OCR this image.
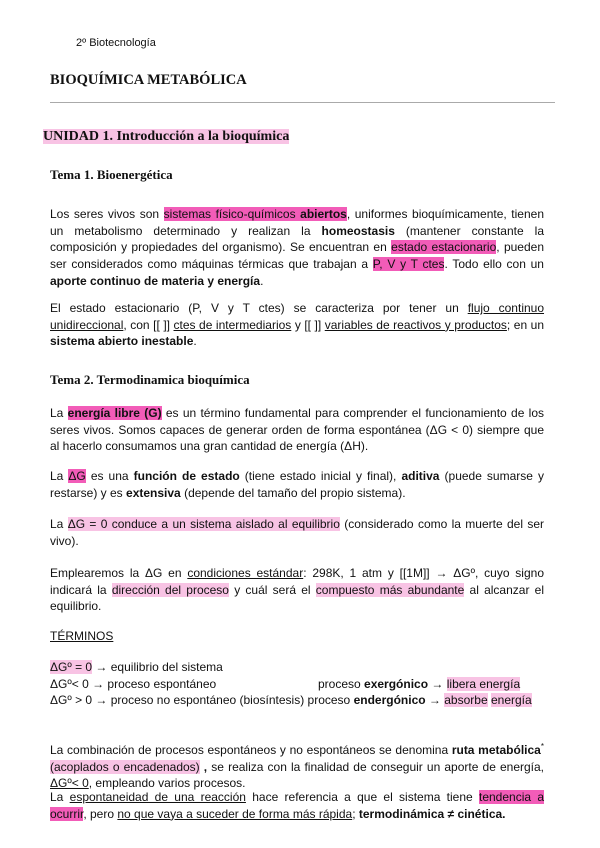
2º Biotecnología
BIOQUÍMICA METABÓLICA
UNIDAD 1. Introducción a la bioquímica
Tema 1. Bioenergética
Los seres vivos son sistemas físico-químicos abiertos, uniformes bioquímicamente, tienen un metabolismo determinado y realizan la homeostasis (mantener constante la composición y propiedades del organismo). Se encuentran en estado estacionario, pueden ser considerados como máquinas térmicas que trabajan a P, V y T ctes. Todo ello con un aporte continuo de materia y energía.
El estado estacionario (P, V y T ctes) se caracteriza por tener un flujo continuo unidireccional, con [[ ]] ctes de intermediarios y [[ ]] variables de reactivos y productos; en un sistema abierto inestable.
Tema 2. Termodinamica bioquímica
La energía libre (G) es un término fundamental para comprender el funcionamiento de los seres vivos. Somos capaces de generar orden de forma espontánea (ΔG < 0) siempre que al hacerlo consumamos una gran cantidad de energía (ΔH).
La ΔG es una función de estado (tiene estado inicial y final), aditiva (puede sumarse y restarse) y es extensiva (depende del tamaño del propio sistema).
La ΔG = 0 conduce a un sistema aislado al equilibrio (considerado como la muerte del ser vivo).
Emplearemos la ΔG en condiciones estándar: 298K, 1 atm y [[1M]] → ΔGº, cuyo signo indicará la dirección del proceso y cuál será el compuesto más abundante al alcanzar el equilibrio.
TÉRMINOS
ΔGº = 0 → equilibrio del sistema
ΔGº< 0 → proceso espontáneo	proceso exergónico → libera energía
ΔGº > 0 → proceso no espontáneo (biosíntesis) proceso endergónico → absorbe energía
La combinación de procesos espontáneos y no espontáneos se denomina ruta metabólica* (acoplados o encadenados) , se realiza con la finalidad de conseguir un aporte de energía, ΔGº< 0, empleando varios procesos.
La espontaneidad de una reacción hace referencia a que el sistema tiene tendencia a ocurrir, pero no que vaya a suceder de forma más rápida; termodinámica ≠ cinética.
